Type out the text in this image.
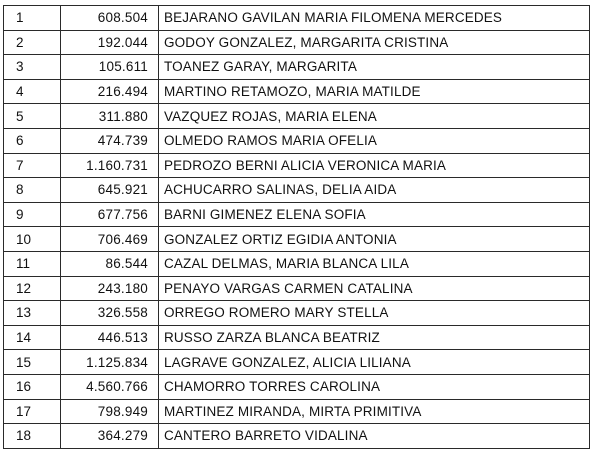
1	608.504	BEJARANO GAVILAN MARIA FILOMENA MERCEDES
2	192.044	GODOY GONZALEZ, MARGARITA CRISTINA
3	105.611	TOANEZ GARAY, MARGARITA
4	216.494	MARTINO RETAMOZO, MARIA MATILDE
5	311.880	VAZQUEZ ROJAS, MARIA ELENA
6	474.739	OLMEDO RAMOS MARIA OFELIA
7	1.160.731	PEDROZO BERNI ALICIA VERONICA MARIA
8	645.921	ACHUCARRO SALINAS, DELIA AIDA
9	677.756	BARNI GIMENEZ ELENA SOFIA
10	706.469	GONZALEZ ORTIZ EGIDIA ANTONIA
11	86.544	CAZAL DELMAS, MARIA BLANCA LILA
12	243.180	PENAYO VARGAS CARMEN CATALINA
13	326.558	ORREGO ROMERO MARY STELLA
14	446.513	RUSSO ZARZA BLANCA BEATRIZ
15	1.125.834	LAGRAVE GONZALEZ, ALICIA LILIANA
16	4.560.766	CHAMORRO TORRES CAROLINA
17	798.949	MARTINEZ MIRANDA, MIRTA PRIMITIVA
18	364.279	CANTERO BARRETO VIDALINA
